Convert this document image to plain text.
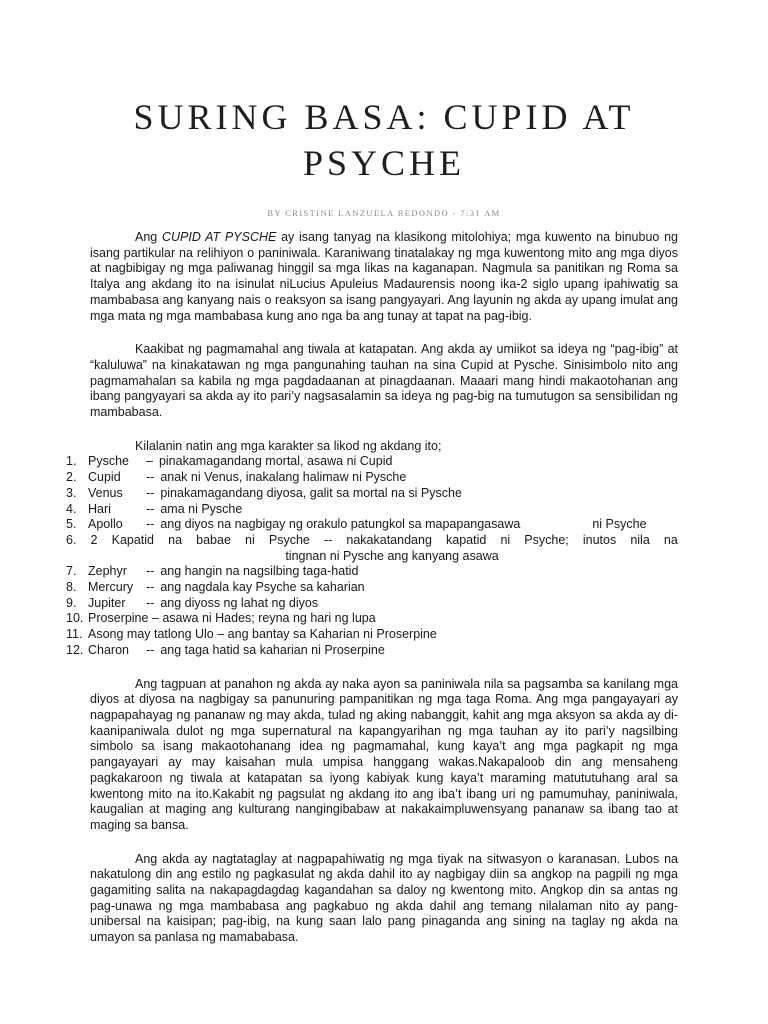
SURING BASA: CUPID AT PSYCHE
BY CRISTINE LANZUELA REDONDO - 7:31 AM

Ang CUPID AT PYSCHE ay isang tanyag na klasikong mitolohiya; mga kuwento na binubuo ng isang partikular na relihiyon o paniniwala. Karaniwang tinatalakay ng mga kuwentong mito ang mga diyos at nagbibigay ng mga paliwanag hinggil sa mga likas na kaganapan. Nagmula sa panitikan ng Roma sa Italya ang akdang ito na isinulat niLucius Apuleius Madaurensis noong ika-2 siglo upang ipahiwatig sa mambabasa ang kanyang nais o reaksyon sa isang pangyayari. Ang layunin ng akda ay upang imulat ang mga mata ng mga mambabasa kung ano nga ba ang tunay at tapat na pag-ibig.

Kaakibat ng pagmamahal ang tiwala at katapatan. Ang akda ay umiikot sa ideya ng “pag-ibig” at “kaluluwa” na kinakatawan ng mga pangunahing tauhan na sina Cupid at Pysche. Sinisimbolo nito ang pagmamahalan sa kabila ng mga pagdadaanan at pinagdaanan. Maaari mang hindi makaotohanan ang ibang pangyayari sa akda ay ito pari’y nagsasalamin sa ideya ng pag-big na tumutugon sa sensibilidan ng mambabasa.

Kilalanin natin ang mga karakter sa likod ng akdang ito;
1. Pysche – pinakamagandang mortal, asawa ni Cupid
2. Cupid -- anak ni Venus, inakalang halimaw ni Pysche
3. Venus -- pinakamagandang diyosa, galit sa mortal na si Pysche
4. Hari	-- ama ni Pysche
5. Apollo -- ang diyos na nagbigay ng orakulo patungkol sa mapapangasawa	ni Psyche
6. 2 Kapatid na babae ni Psyche -- nakakatandang kapatid ni Psyche; inutos nila na
tingnan ni Pysche ang kanyang asawa
7. Zephyr -- ang hangin na nagsilbing taga-hatid
8. Mercury -- ang nagdala kay Psyche sa kaharian
9. Jupiter -- ang diyoss ng lahat ng diyos
10. Proserpine – asawa ni Hades; reyna ng hari ng lupa
11. Asong may tatlong Ulo – ang bantay sa Kaharian ni Proserpine
12. Charon -- ang taga hatid sa kaharian ni Proserpine

Ang tagpuan at panahon ng akda ay naka ayon sa paniniwala nila sa pagsamba sa kanilang mga diyos at diyosa na nagbigay sa panunuring pampanitikan ng mga taga Roma. Ang mga pangayayari ay nagpapahayag ng pananaw ng may akda, tulad ng aking nabanggit, kahit ang mga aksyon sa akda ay di-kaanipaniwala dulot ng mga supernatural na kapangyarihan ng mga tauhan ay ito pari’y nagsilbing simbolo sa isang makaotohanang idea ng pagmamahal, kung kaya’t ang mga pagkapit ng mga pangayayari ay may kaisahan mula umpisa hanggang wakas.Nakapaloob din ang mensaheng pagkakaroon ng tiwala at katapatan sa iyong kabiyak kung kaya’t maraming matututuhang aral sa kwentong mito na ito.Kakabit ng pagsulat ng akdang ito ang iba’t ibang uri ng pamumuhay, paniniwala, kaugalian at maging ang kulturang nangingibabaw at nakakaimpluwensyang pananaw sa ibang tao at maging sa bansa.

Ang akda ay nagtataglay at nagpapahiwatig ng mga tiyak na sitwasyon o karanasan. Lubos na nakatulong din ang estilo ng pagkasulat ng akda dahil ito ay nagbigay diin sa angkop na pagpili ng mga gagamiting salita na nakapagdagdag kagandahan sa daloy ng kwentong mito. Angkop din sa antas ng pag-unawa ng mga mambabasa ang pagkabuo ng akda dahil ang temang nilalaman nito ay pang-unibersal na kaisipan; pag-ibig, na kung saan lalo pang pinaganda ang sining na taglay ng akda na umayon sa panlasa ng mamababasa.
